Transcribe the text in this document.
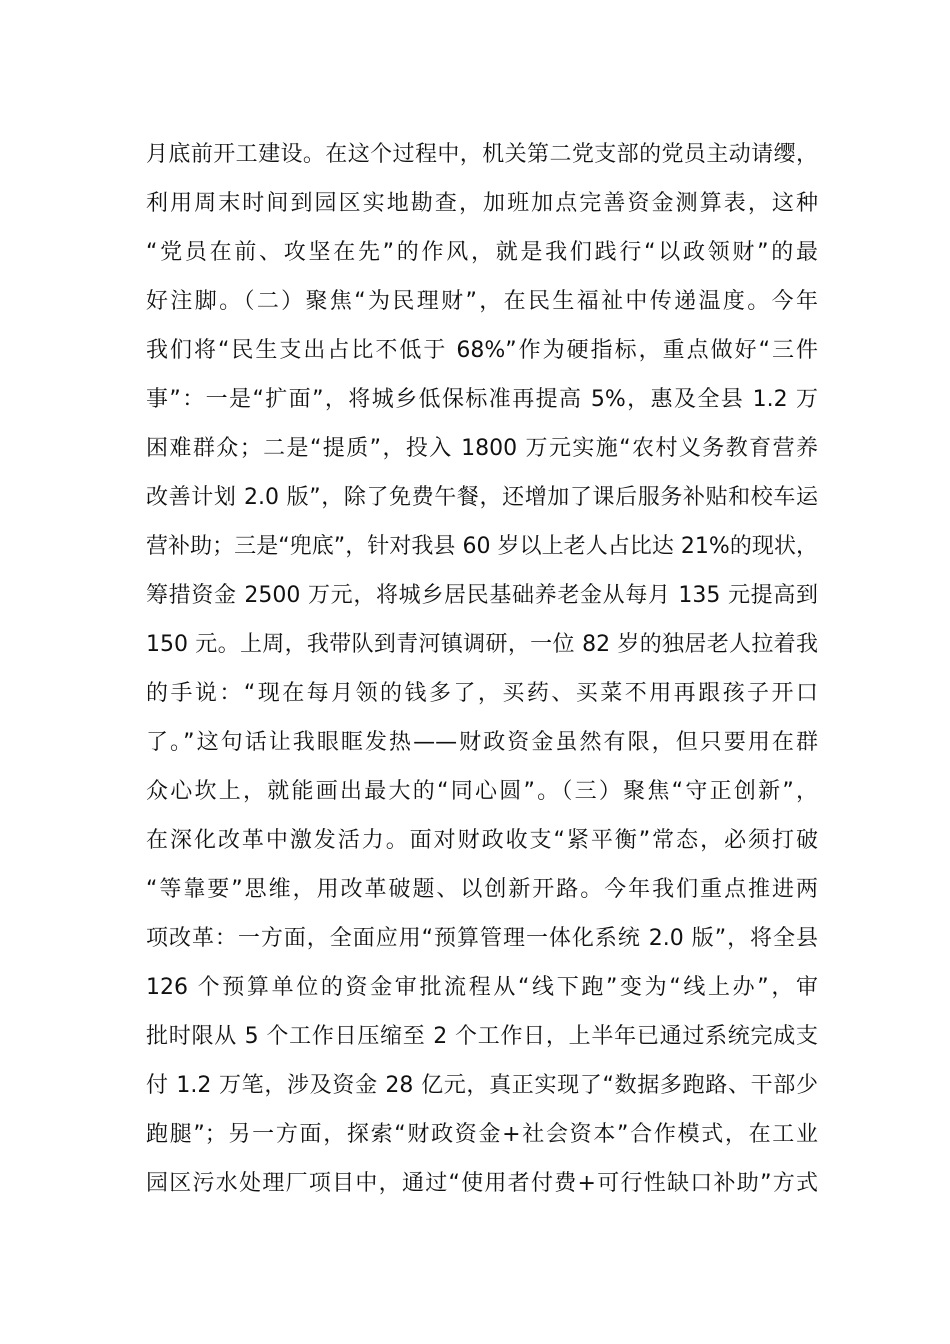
月底前开工建设。在这个过程中，机关第二党支部的党员主动请缨，
利用周末时间到园区实地勘查，加班加点完善资金测算表，这种
“党员在前、攻坚在先”的作风，就是我们践行“以政领财”的最
好注脚。（二）聚焦“为民理财”，在民生福祉中传递温度。今年
我们将“民生支出占比不低于 68%”作为硬指标，重点做好“三件
事”：一是“扩面”，将城乡低保标准再提高 5%，惠及全县 1.2 万
困难群众；二是“提质”，投入 1800 万元实施“农村义务教育营养
改善计划 2.0 版”，除了免费午餐，还增加了课后服务补贴和校车运
营补助；三是“兜底”，针对我县 60 岁以上老人占比达 21%的现状，
筹措资金 2500 万元，将城乡居民基础养老金从每月 135 元提高到
150 元。上周，我带队到青河镇调研，一位 82 岁的独居老人拉着我
的手说：“现在每月领的钱多了，买药、买菜不用再跟孩子开口
了。”这句话让我眼眶发热——财政资金虽然有限，但只要用在群
众心坎上，就能画出最大的“同心圆”。（三）聚焦“守正创新”，
在深化改革中激发活力。面对财政收支“紧平衡”常态，必须打破
“等靠要”思维，用改革破题、以创新开路。今年我们重点推进两
项改革：一方面，全面应用“预算管理一体化系统 2.0 版”，将全县
126 个预算单位的资金审批流程从“线下跑”变为“线上办”，审
批时限从 5 个工作日压缩至 2 个工作日，上半年已通过系统完成支
付 1.2 万笔，涉及资金 28 亿元，真正实现了“数据多跑路、干部少
跑腿”；另一方面，探索“财政资金+社会资本”合作模式，在工业
园区污水处理厂项目中，通过“使用者付费+可行性缺口补助”方式
